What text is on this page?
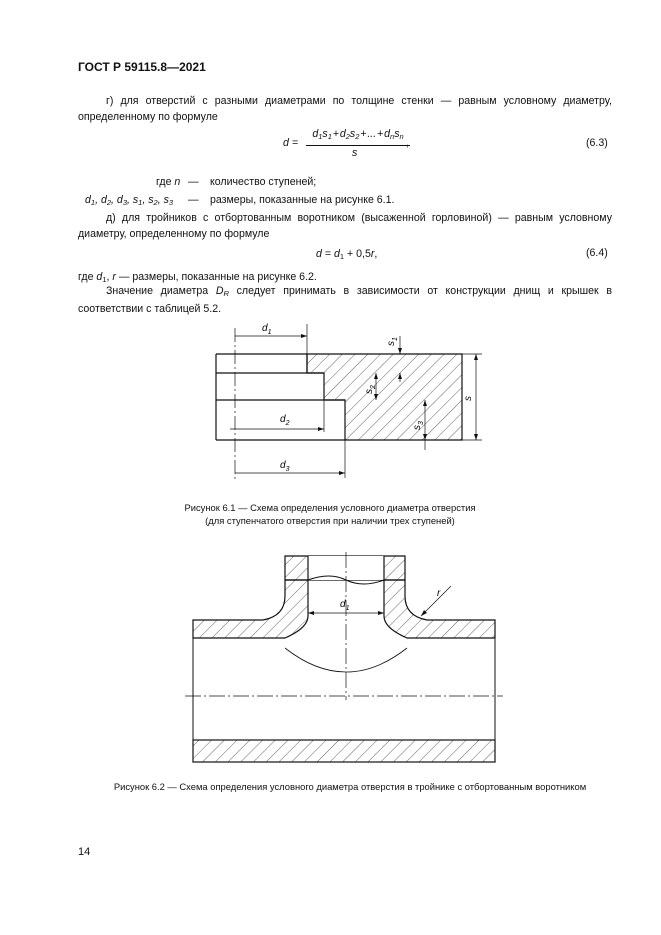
ГОСТ Р 59115.8—2021
г) для отверстий с разными диаметрами по толщине стенки — равным условному диаметру, определенному по формуле
d =
$d_1s_1$ + $d_2s_2$ + ... + $d_ns_n$
s
,	(6.3)
где n — количество ступеней;
$d_1$, $d_2$, $d_3$, $s_1$, $s_2$, $s_3$ — размеры, показанные на рисунке 6.1.
д) для тройников с отбортованным воротником (высаженной горловиной) — равным условному диаметру, определенному по формуле
$d = d_1 + 0,5r$,	(6.4)
где $d_1$, r — размеры, показанные на рисунке 6.2.
Значение диаметра $D_R$ следует принимать в зависимости от конструкции днищ и крышек в соответствии с таблицей 5.2.
$d_1$
$d_2$
$d_3$
$s_1$
$s_2$
$s_3$
s
Рисунок 6.1 — Схема определения условного диаметра отверстия
(для ступенчатого отверстия при наличии трех ступеней)
$d_1$
r
Рисунок 6.2 — Схема определения условного диаметра отверстия в тройнике с отбортованным воротником
14
